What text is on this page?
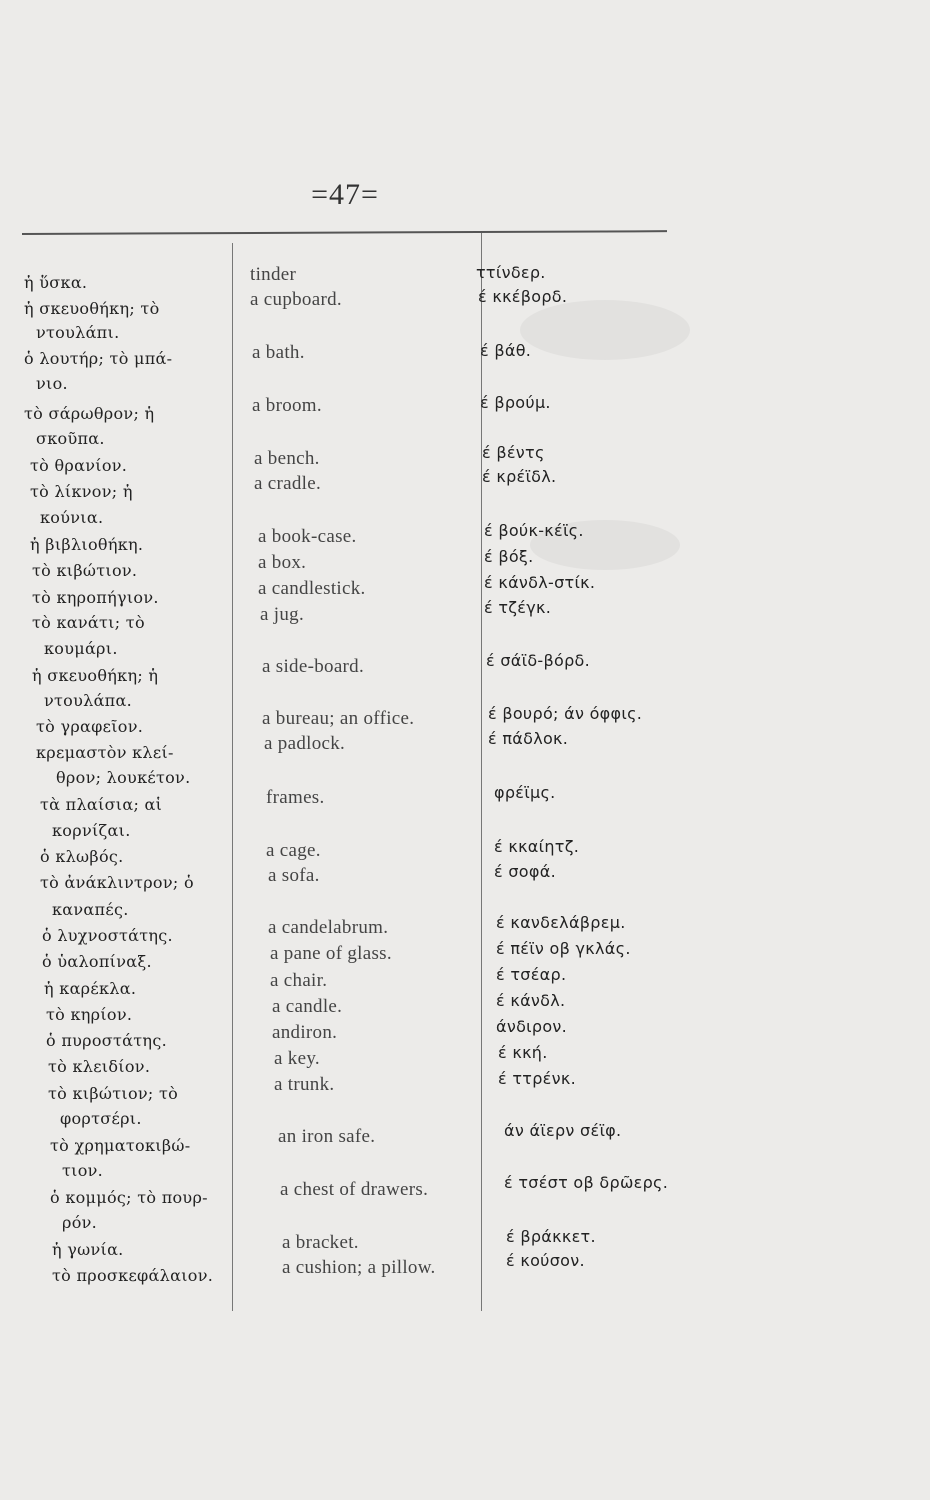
=47=
ἡ ὕσκα.
ἡ σκευοθήκη; τὸ
ντουλάπι.
ὁ λουτήρ; τὸ μπά-
νιο.
τὸ σάρωθρον; ἡ
σκοῦπα.
τὸ θρανίον.
τὸ λίκνον; ἡ
κούνια.
ἡ βιβλιοθήκη.
τὸ κιβώτιον.
τὸ κηροπήγιον.
τὸ κανάτι; τὸ
κουμάρι.
ἡ σκευοθήκη; ἡ
ντουλάπα.
τὸ γραφεῖον.
κρεμαστὸν κλεί-
θρον; λουκέτον.
τὰ πλαίσια; αἱ
κορνίζαι.
ὁ κλωβός.
τὸ ἀνάκλιντρον; ὁ
καναπές.
ὁ λυχνοστάτης.
ὁ ὑαλοπίναξ.
ἡ καρέκλα.
τὸ κηρίον.
ὁ πυροστάτης.
τὸ κλειδίον.
τὸ κιβώτιον; τὸ
φορτσέρι.
τὸ χρηματοκιβώ-
τιον.
ὁ κομμός; τὸ πουρ-
ρόν.
ἡ γωνία.
τὸ προσκεφάλαιον.
tinder
a cupboard.
a bath.
a broom.
a bench.
a cradle.
a book-case.
a box.
a candlestick.
a jug.
a side-board.
a bureau; an office.
a padlock.
frames.
a cage.
a sofa.
a candelabrum.
a pane of glass.
a chair.
a candle.
andiron.
a key.
a trunk.
an iron safe.
a chest of drawers.
a bracket.
a cushion; a pillow.
ττίνδερ.
έ κκέβορδ.
έ βάθ.
έ βρούμ.
έ βέντς
έ κρέϊδλ.
έ βούκ-κέϊς.
έ βόξ.
έ κάνδλ-στίκ.
έ τζέγκ.
έ σάϊδ-βόρδ.
έ βουρό; άν όφφις.
έ πάδλοκ.
φρέϊμς.
έ κκαίητζ.
έ σοφά.
έ κανδελάβρεμ.
έ πέϊν οβ γκλάς.
έ τσέαρ.
έ κάνδλ.
άνδιρον.
έ κκή.
έ ττρένκ.
άν άϊερν σέϊφ.
έ τσέστ οβ δρῶερς.
έ βράκκετ.
έ κούσον.
